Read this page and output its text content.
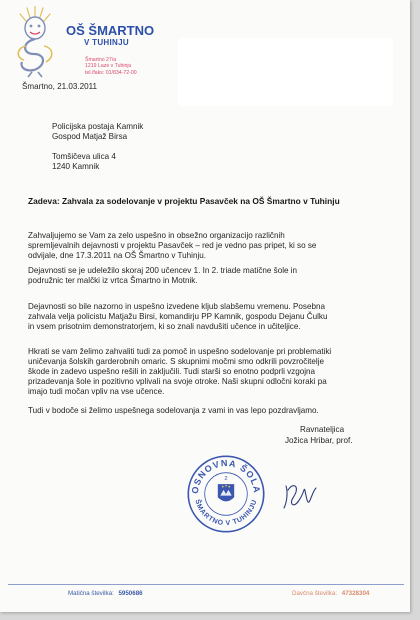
OŠ ŠMARTNO
V TUHINJU
Šmartno 27/a
1219 Laze v Tuhinju
tel./faks: 01/834-72-00

Šmartno, 21.03.2011

Policijska postaja Kamnik
Gospod Matjaž Birsa
Tomšičeva ulica 4
1240 Kamnik

Zadeva: Zahvala za sodelovanje v projektu Pasavček na OŠ Šmartno v Tuhinju

Zahvaljujemo se Vam za zelo uspešno in obsežno organizacijo različnih
spremljevalnih dejavnosti v projektu Pasavček – red je vedno pas pripet, ki so se
odvijale, dne 17.3.2011 na OŠ Šmartno v Tuhinju.
Dejavnosti se je udeležilo skoraj 200 učencev 1. In 2. triade matične šole in
podružnic ter malčki iz vrtca Šmartno in Motnik.
Dejavnosti so bile nazorno in uspešno izvedene kljub slabšemu vremenu. Posebna
zahvala velja policistu Matjažu Birsi, komandirju PP Kamnik, gospodu Dejanu Čulku
in vsem prisotnim demonstratorjem, ki so znali navdušiti učence in učiteljice.
Hkrati se vam želimo zahvaliti tudi za pomoč in uspešno sodelovanje pri problematiki
uničevanja šolskih garderobnih omaric. S skupnimi močmi smo odkrili povzročitelje
škode in zadevo uspešno rešili in zaključili. Tudi starši so enotno podprli vzgojna
prizadevanja šole in pozitivno vplivali na svoje otroke. Naši skupni odločni koraki pa
imajo tudi močan vpliv na vse učence.
Tudi v bodoče si želimo uspešnega sodelovanja z vami in vas lepo pozdravljamo.

Ravnateljica

Jožica Hribar, prof.

OSNOVNA ŠOLA
ŠMARTNO V TUHINJU
2
Matična številka: 5950686	Davčna številka: 47328304
